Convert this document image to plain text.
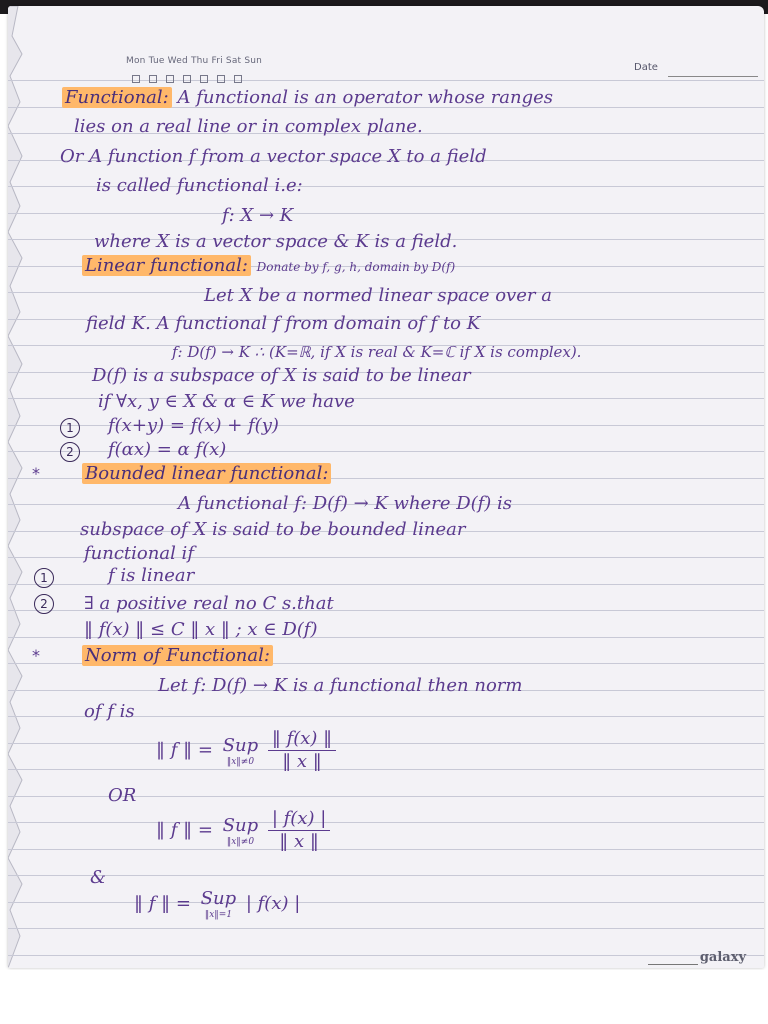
Mon Tue Wed Thu Fri Sat Sun
Date
Functional: A functional is an operator whose ranges
lies on a real line or in complex plane.
Or A function f from a vector space X to a field
is called functional i.e:
f: X → K
where X is a vector space & K is a field.
Linear functional: Donate by f, g, h, domain by D(f)
Let X be a normed linear space over a
field K. A functional f from domain of f to K
f: D(f) → K ∴ (K=ℝ, if X is real & K=ℂ if X is complex).
D(f) is a subspace of X is said to be linear
if ∀x, y ∈ X & α ∈ K we have
1	f(x+y) = f(x) + f(y)
2	f(αx) = α f(x)
*	Bounded linear functional:
A functional f: D(f) → K where D(f) is
subspace of X is said to be bounded linear
functional if
1	f is linear
2	∃ a positive real no C s.that
‖ f(x) ‖ ≤ C ‖ x ‖ ; x ∈ D(f)
*	Norm of Functional:
Let f: D(f) → K is a functional then norm
of f is
‖ f ‖ = Sup
‖x‖≠0
$\frac{‖ f(x) ‖}{‖ x ‖}$
OR
‖ f ‖ = Sup
‖x‖≠0
$\frac{| f(x) |}{‖ x ‖}$
&
‖ f ‖ = Sup
‖x‖=1
| f(x) |
galaxy
